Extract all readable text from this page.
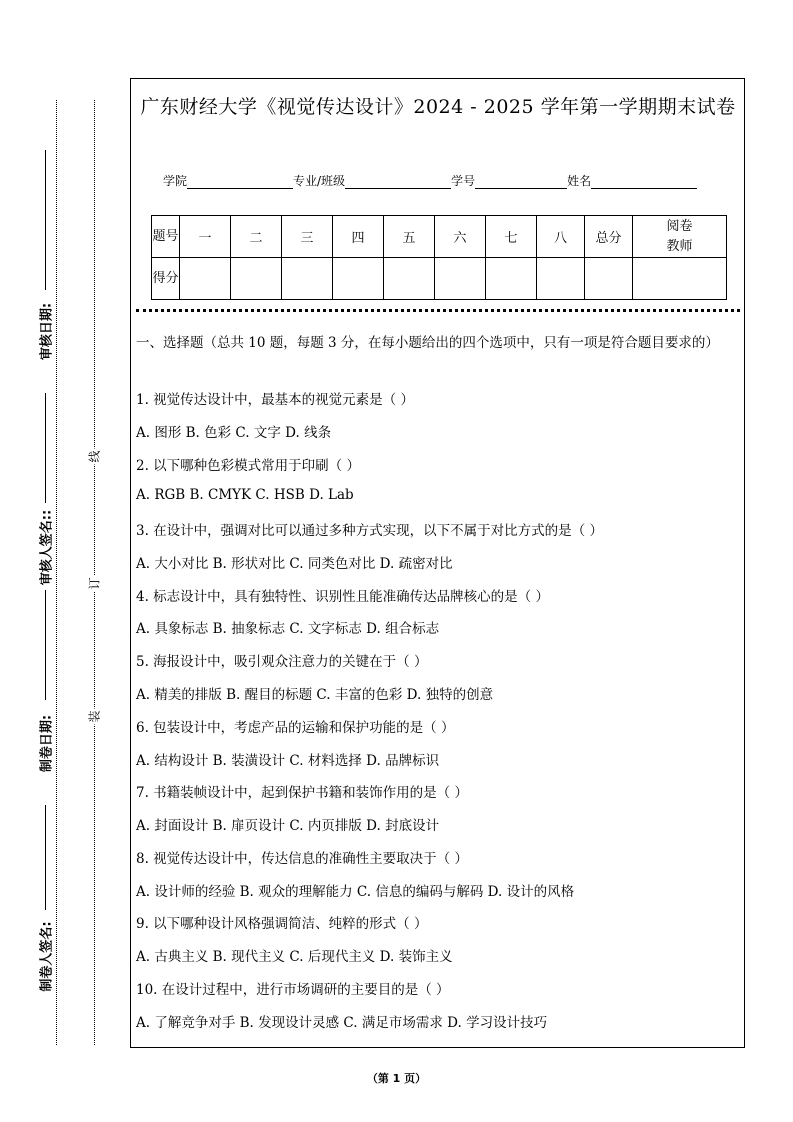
审核日期:
审核人签名::
制卷日期:
制卷人签名:
线
订
装
广东财经大学《视觉传达设计》2024 - 2025 学年第一学期期末试卷
学院	专业/班级	学号	姓名
题号	一	二	三	四	五	六	七	八	总分	阅卷教师
得分										
一、选择题（总共 10 题，每题 3 分，在每小题给出的四个选项中，只有一项是符合题目要求的）
1. 视觉传达设计中，最基本的视觉元素是（ ）
A. 图形 B. 色彩 C. 文字 D. 线条
2. 以下哪种色彩模式常用于印刷（ ）
A. RGB B. CMYK C. HSB D. Lab
3. 在设计中，强调对比可以通过多种方式实现，以下不属于对比方式的是（ ）
A. 大小对比 B. 形状对比 C. 同类色对比 D. 疏密对比
4. 标志设计中，具有独特性、识别性且能准确传达品牌核心的是（ ）
A. 具象标志 B. 抽象标志 C. 文字标志 D. 组合标志
5. 海报设计中，吸引观众注意力的关键在于（ ）
A. 精美的排版 B. 醒目的标题 C. 丰富的色彩 D. 独特的创意
6. 包装设计中，考虑产品的运输和保护功能的是（ ）
A. 结构设计 B. 装潢设计 C. 材料选择 D. 品牌标识
7. 书籍装帧设计中，起到保护书籍和装饰作用的是（ ）
A. 封面设计 B. 扉页设计 C. 内页排版 D. 封底设计
8. 视觉传达设计中，传达信息的准确性主要取决于（ ）
A. 设计师的经验 B. 观众的理解能力 C. 信息的编码与解码 D. 设计的风格
9. 以下哪种设计风格强调简洁、纯粹的形式（ ）
A. 古典主义 B. 现代主义 C. 后现代主义 D. 装饰主义
10. 在设计过程中，进行市场调研的主要目的是（ ）
A. 了解竞争对手 B. 发现设计灵感 C. 满足市场需求 D. 学习设计技巧
（第 1 页）
